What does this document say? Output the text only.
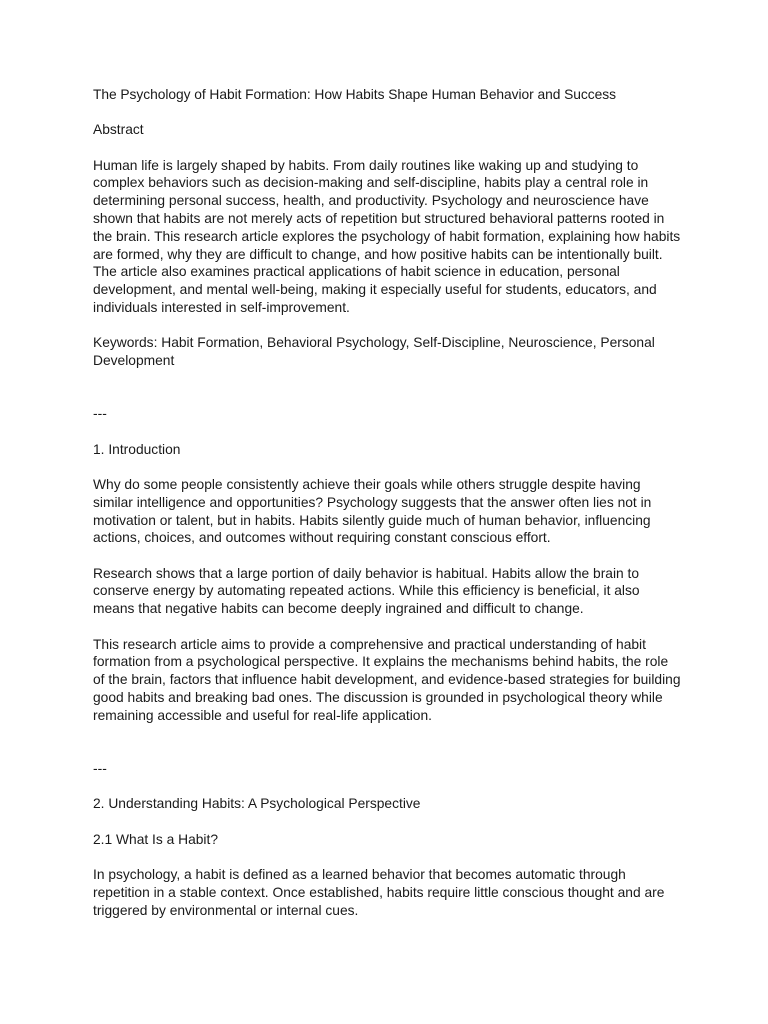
The Psychology of Habit Formation: How Habits Shape Human Behavior and Success

Abstract

Human life is largely shaped by habits. From daily routines like waking up and studying to complex behaviors such as decision-making and self-discipline, habits play a central role in determining personal success, health, and productivity. Psychology and neuroscience have shown that habits are not merely acts of repetition but structured behavioral patterns rooted in the brain. This research article explores the psychology of habit formation, explaining how habits are formed, why they are difficult to change, and how positive habits can be intentionally built. The article also examines practical applications of habit science in education, personal development, and mental well-being, making it especially useful for students, educators, and individuals interested in self-improvement.

Keywords: Habit Formation, Behavioral Psychology, Self-Discipline, Neuroscience, Personal Development

---

1. Introduction

Why do some people consistently achieve their goals while others struggle despite having similar intelligence and opportunities? Psychology suggests that the answer often lies not in motivation or talent, but in habits. Habits silently guide much of human behavior, influencing actions, choices, and outcomes without requiring constant conscious effort.

Research shows that a large portion of daily behavior is habitual. Habits allow the brain to conserve energy by automating repeated actions. While this efficiency is beneficial, it also means that negative habits can become deeply ingrained and difficult to change.

This research article aims to provide a comprehensive and practical understanding of habit formation from a psychological perspective. It explains the mechanisms behind habits, the role of the brain, factors that influence habit development, and evidence-based strategies for building good habits and breaking bad ones. The discussion is grounded in psychological theory while remaining accessible and useful for real-life application.

---

2. Understanding Habits: A Psychological Perspective

2.1 What Is a Habit?

In psychology, a habit is defined as a learned behavior that becomes automatic through repetition in a stable context. Once established, habits require little conscious thought and are triggered by environmental or internal cues.
